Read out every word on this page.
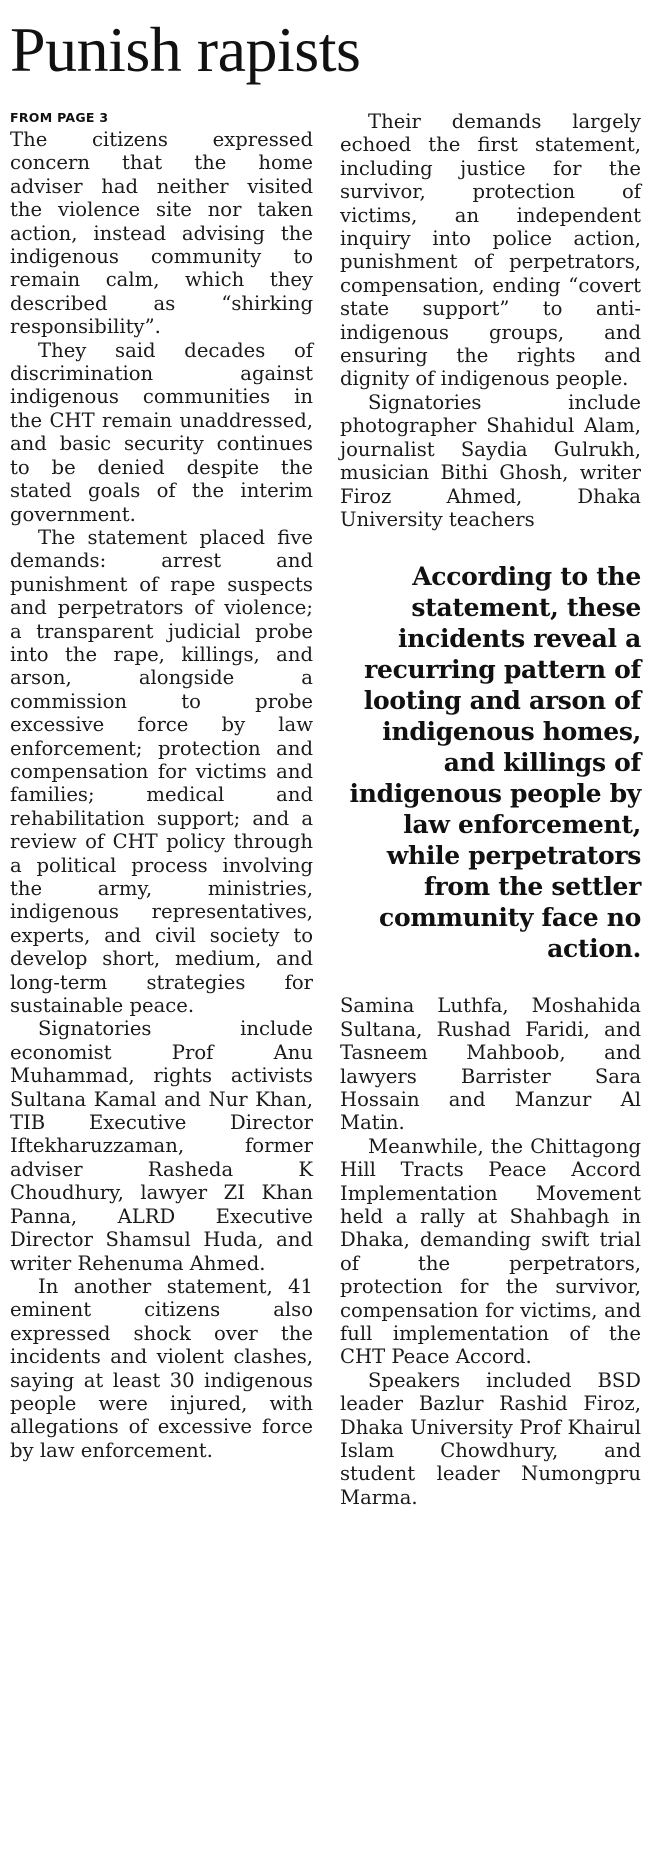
Punish rapists
FROM PAGE 3

The citizens expressed concern that the home adviser had neither visited the violence site nor taken action, instead advising the indigenous community to remain calm, which they described as “shirking responsibility”.

They said decades of discrimination against indigenous communities in the CHT remain unaddressed, and basic security continues to be denied despite the stated goals of the interim government.

The statement placed five demands: arrest and punishment of rape suspects and perpetrators of violence; a transparent judicial probe into the rape, killings, and arson, alongside a commission to probe excessive force by law enforcement; protection and compensation for victims and families; medical and rehabilitation support; and a review of CHT policy through a political process involving the army, ministries, indigenous representatives, experts, and civil society to develop short, medium, and long-term strategies for sustainable peace.

Signatories include economist Prof Anu Muhammad, rights activists Sultana Kamal and Nur Khan, TIB Executive Director Iftekharuzzaman, former adviser Rasheda K Choudhury, lawyer ZI Khan Panna, ALRD Executive Director Shamsul Huda, and writer Rehenuma Ahmed.

In another statement, 41 eminent citizens also expressed shock over the incidents and violent clashes, saying at least 30 indigenous people were injured, with allegations of excessive force by law enforcement.

Their demands largely echoed the first statement, including justice for the survivor, protection of victims, an independent inquiry into police action, punishment of perpetrators, compensation, ending “covert state support” to anti-indigenous groups, and ensuring the rights and dignity of indigenous people.

Signatories include photographer Shahidul Alam, journalist Saydia Gulrukh, musician Bithi Ghosh, writer Firoz Ahmed, Dhaka University teachers

According to the statement, these incidents reveal a recurring pattern of looting and arson of indigenous homes, and killings of indigenous people by law enforcement, while perpetrators from the settler community face no action.

Samina Luthfa, Moshahida Sultana, Rushad Faridi, and Tasneem Mahboob, and lawyers Barrister Sara Hossain and Manzur Al Matin.

Meanwhile, the Chittagong Hill Tracts Peace Accord Implementation Movement held a rally at Shahbagh in Dhaka, demanding swift trial of the perpetrators, protection for the survivor, compensation for victims, and full implementation of the CHT Peace Accord.

Speakers included BSD leader Bazlur Rashid Firoz, Dhaka University Prof Khairul Islam Chowdhury, and student leader Numongpru Marma.
